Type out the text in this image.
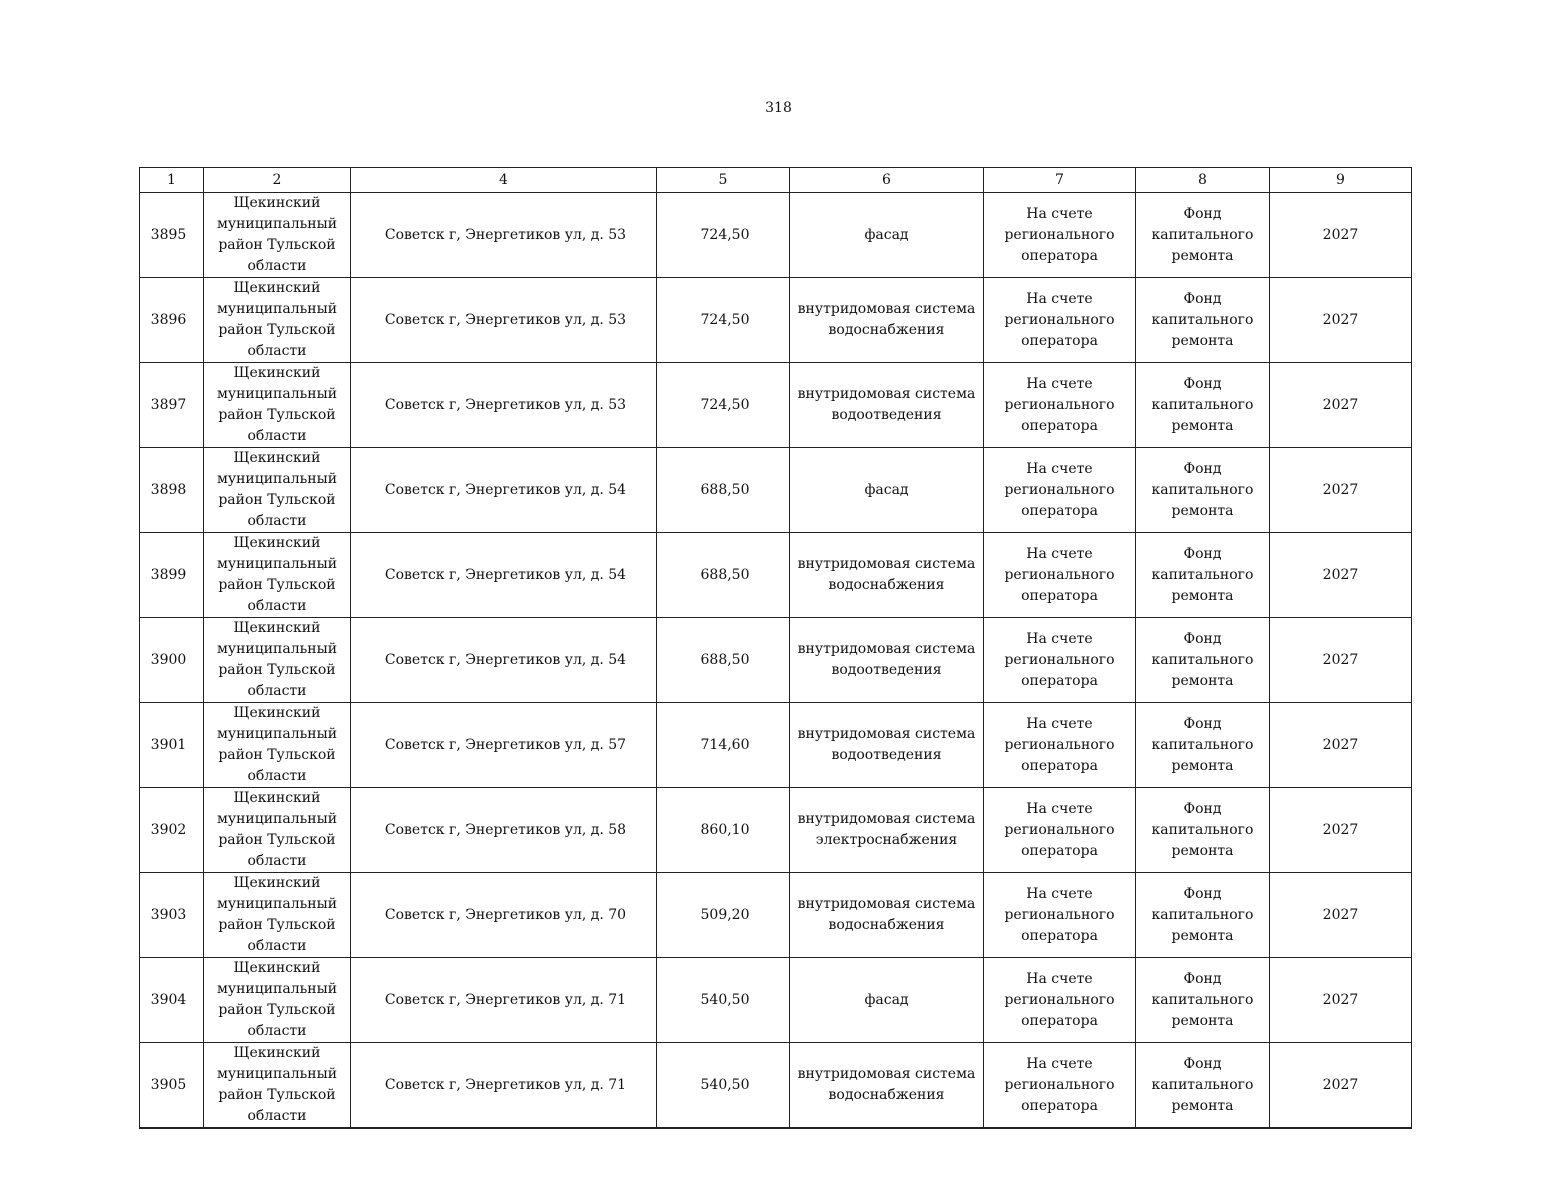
318
1	2	4	5	6	7	8	9
3895	Щекинский муниципальный район Тульской области	Советск г, Энергетиков ул, д. 53	724,50	фасад	На счете регионального оператора	Фонд капитального ремонта	2027
3896	Щекинский муниципальный район Тульской области	Советск г, Энергетиков ул, д. 53	724,50	внутридомовая система водоснабжения	На счете регионального оператора	Фонд капитального ремонта	2027
3897	Щекинский муниципальный район Тульской области	Советск г, Энергетиков ул, д. 53	724,50	внутридомовая система водоотведения	На счете регионального оператора	Фонд капитального ремонта	2027
3898	Щекинский муниципальный район Тульской области	Советск г, Энергетиков ул, д. 54	688,50	фасад	На счете регионального оператора	Фонд капитального ремонта	2027
3899	Щекинский муниципальный район Тульской области	Советск г, Энергетиков ул, д. 54	688,50	внутридомовая система водоснабжения	На счете регионального оператора	Фонд капитального ремонта	2027
3900	Щекинский муниципальный район Тульской области	Советск г, Энергетиков ул, д. 54	688,50	внутридомовая система водоотведения	На счете регионального оператора	Фонд капитального ремонта	2027
3901	Щекинский муниципальный район Тульской области	Советск г, Энергетиков ул, д. 57	714,60	внутридомовая система водоотведения	На счете регионального оператора	Фонд капитального ремонта	2027
3902	Щекинский муниципальный район Тульской области	Советск г, Энергетиков ул, д. 58	860,10	внутридомовая система электроснабжения	На счете регионального оператора	Фонд капитального ремонта	2027
3903	Щекинский муниципальный район Тульской области	Советск г, Энергетиков ул, д. 70	509,20	внутридомовая система водоснабжения	На счете регионального оператора	Фонд капитального ремонта	2027
3904	Щекинский муниципальный район Тульской области	Советск г, Энергетиков ул, д. 71	540,50	фасад	На счете регионального оператора	Фонд капитального ремонта	2027
3905	Щекинский муниципальный район Тульской области	Советск г, Энергетиков ул, д. 71	540,50	внутридомовая система водоснабжения	На счете регионального оператора	Фонд капитального ремонта	2027
